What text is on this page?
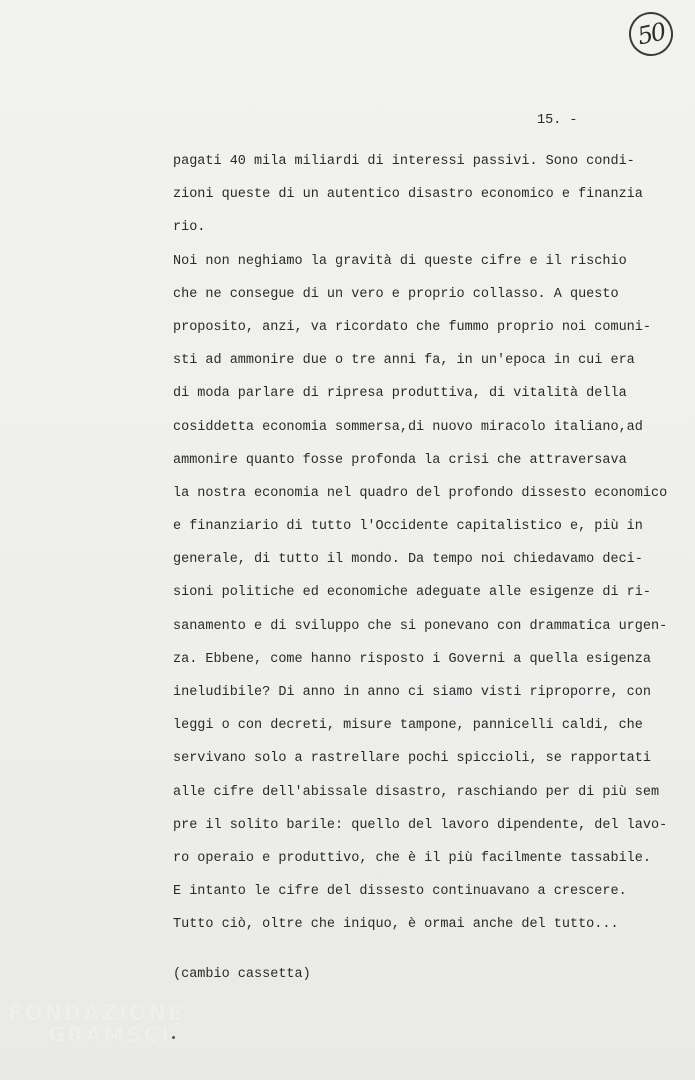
50
15. -
pagati 40 mila miliardi di interessi passivi. Sono condi-
zioni queste di un autentico disastro economico e finanzia
rio.
Noi non neghiamo la gravità di queste cifre e il rischio
che ne consegue di un vero e proprio collasso. A questo
proposito, anzi, va ricordato che fummo proprio noi comuni-
sti ad ammonire due o tre anni fa, in un'epoca in cui era
di moda parlare di ripresa produttiva, di vitalità della
cosiddetta economia sommersa,di nuovo miracolo italiano,ad
ammonire quanto fosse profonda la crisi che attraversava
la nostra economia nel quadro del profondo dissesto economico
e finanziario di tutto l'Occidente capitalistico e, più in
generale, di tutto il mondo. Da tempo noi chiedavamo deci-
sioni politiche ed economiche adeguate alle esigenze di ri-
sanamento e di sviluppo che si ponevano con drammatica urgen-
za. Ebbene, come hanno risposto i Governi a quella esigenza
ineludibile? Di anno in anno ci siamo visti riproporre, con
leggi o con decreti, misure tampone, pannicelli caldi, che
servivano solo a rastrellare pochi spiccioli, se rapportati
alle cifre dell'abissale disastro, raschiando per di più sem
pre il solito barile: quello del lavoro dipendente, del lavo-
ro operaio e produttivo, che è il più facilmente tassabile.
E intanto le cifre del dissesto continuavano a crescere.
Tutto ciò, oltre che iniquo, è ormai anche del tutto...
(cambio cassetta)
FONDAZIONE
GRAMSCI
